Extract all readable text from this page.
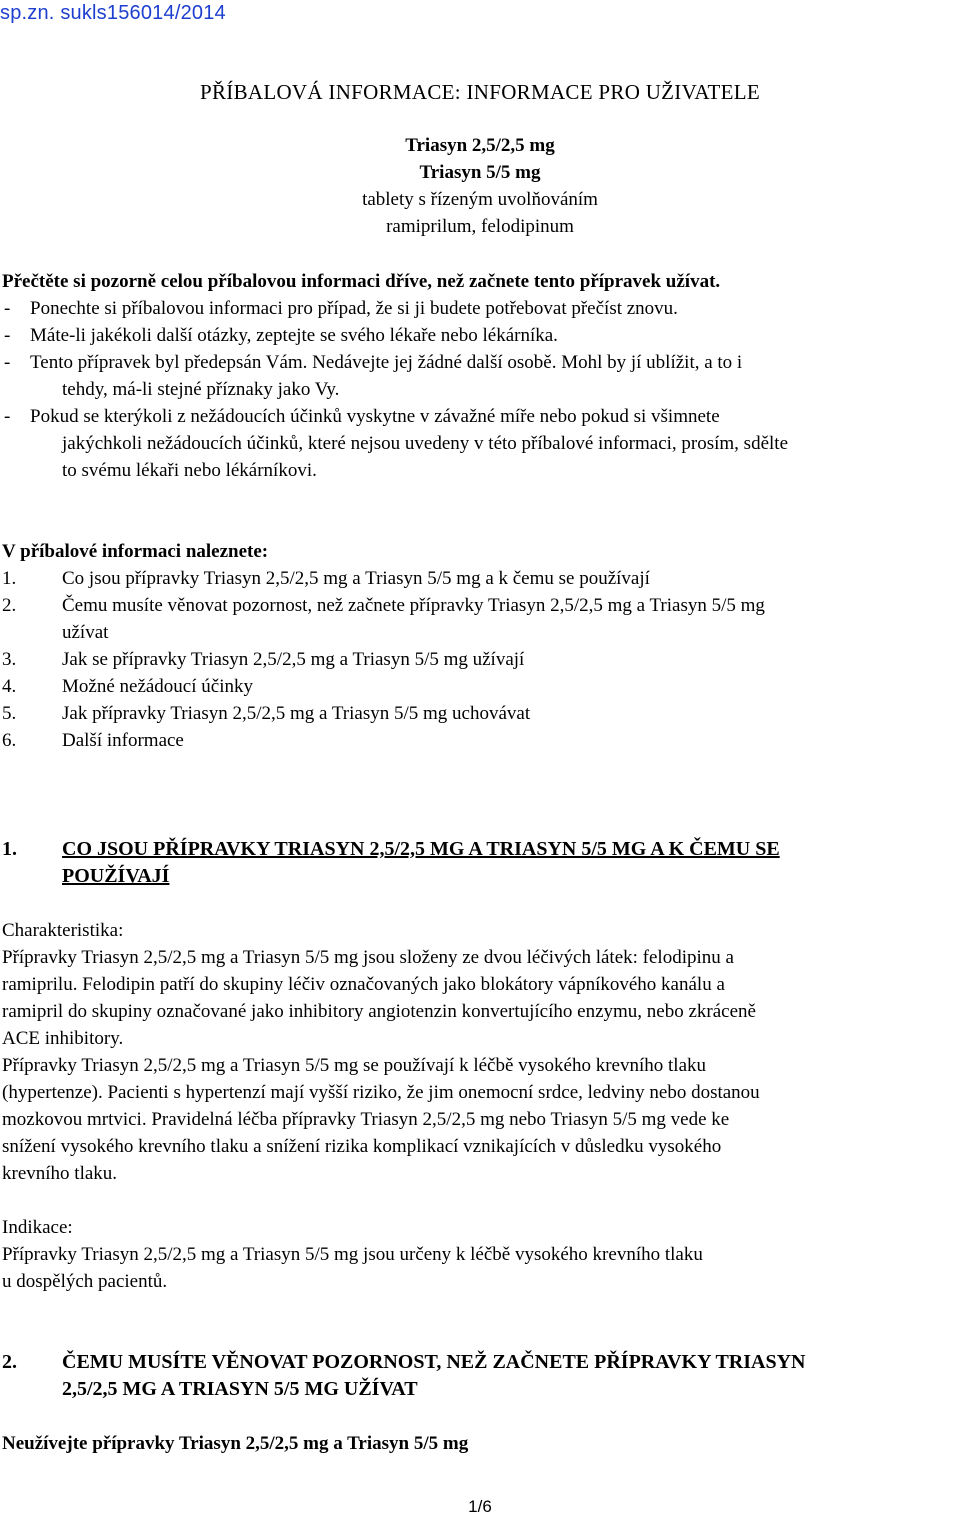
sp.zn. sukls156014/2014
PŘÍBALOVÁ INFORMACE: INFORMACE PRO UŽIVATELE
Triasyn 2,5/2,5 mg
Triasyn 5/5 mg
tablety s řízeným uvolňováním
ramiprilum, felodipinum
Přečtěte si pozorně celou příbalovou informaci dříve, než začnete tento přípravek užívat.
-	Ponechte si příbalovou informaci pro případ, že si ji budete potřebovat přečíst znovu.
-	Máte-li jakékoli další otázky, zeptejte se svého lékaře nebo lékárníka.
-	Tento přípravek byl předepsán Vám. Nedávejte jej žádné další osobě. Mohl by jí ublížit, a to i
tehdy, má-li stejné příznaky jako Vy.
-	Pokud se kterýkoli z nežádoucích účinků vyskytne v závažné míře nebo pokud si všimnete
jakýchkoli nežádoucích účinků, které nejsou uvedeny v této příbalové informaci, prosím, sdělte
to svému lékaři nebo lékárníkovi.
V příbalové informaci naleznete:
1. Co jsou přípravky Triasyn 2,5/2,5 mg a Triasyn 5/5 mg a k čemu se používají
2. Čemu musíte věnovat pozornost, než začnete přípravky Triasyn 2,5/2,5 mg a Triasyn 5/5 mg
užívat
3. Jak se přípravky Triasyn 2,5/2,5 mg a Triasyn 5/5 mg užívají
4. Možné nežádoucí účinky
5. Jak přípravky Triasyn 2,5/2,5 mg a Triasyn 5/5 mg uchovávat
6. Další informace
1. CO JSOU PŘÍPRAVKY TRIASYN 2,5/2,5 MG A TRIASYN 5/5 MG A K ČEMU SE
POUŽÍVAJÍ
Charakteristika:
Přípravky Triasyn 2,5/2,5 mg a Triasyn 5/5 mg jsou složeny ze dvou léčivých látek: felodipinu a
ramiprilu. Felodipin patří do skupiny léčiv označovaných jako blokátory vápníkového kanálu a
ramipril do skupiny označované jako inhibitory angiotenzin konvertujícího enzymu, nebo zkráceně
ACE inhibitory.
Přípravky Triasyn 2,5/2,5 mg a Triasyn 5/5 mg se používají k léčbě vysokého krevního tlaku
(hypertenze). Pacienti s hypertenzí mají vyšší riziko, že jim onemocní srdce, ledviny nebo dostanou
mozkovou mrtvici. Pravidelná léčba přípravky Triasyn 2,5/2,5 mg nebo Triasyn 5/5 mg vede ke
snížení vysokého krevního tlaku a snížení rizika komplikací vznikajících v důsledku vysokého
krevního tlaku.
Indikace:
Přípravky Triasyn 2,5/2,5 mg a Triasyn 5/5 mg jsou určeny k léčbě vysokého krevního tlaku
u dospělých pacientů.
2. ČEMU MUSÍTE VĚNOVAT POZORNOST, NEŽ ZAČNETE PŘÍPRAVKY TRIASYN
2,5/2,5 MG A TRIASYN 5/5 MG UŽÍVAT
Neužívejte přípravky Triasyn 2,5/2,5 mg a Triasyn 5/5 mg
1/6
